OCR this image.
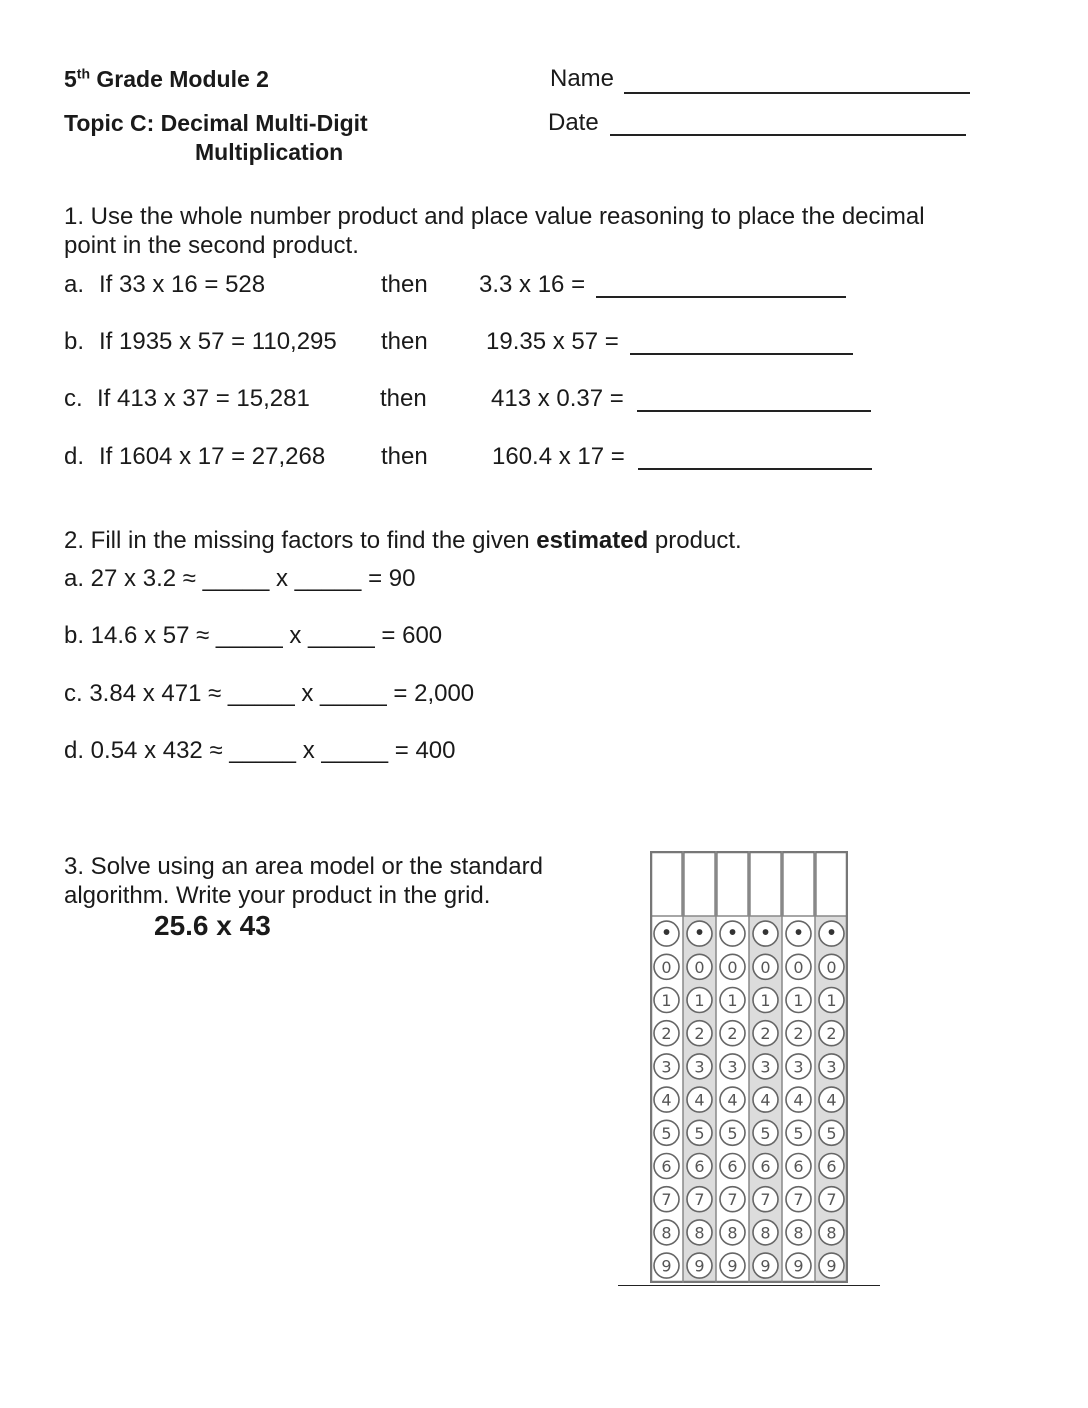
5th Grade Module 2	Name
Topic C: Decimal Multi-Digit
Multiplication
Date
1. Use the whole number product and place value reasoning to place the decimal
point in the second product.
a. If 33 x 16 = 528	then 3.3 x 16 =
b. If 1935 x 57 = 110,295 then 19.35 x 57 =
c. If 413 x 37 = 15,281	then	413 x 0.37 =
d. If 1604 x 17 = 27,268 then	160.4 x 17 =
2. Fill in the missing factors to find the given estimated product.
a. 27 x 3.2 ≈ _____ x _____ = 90
b. 14.6 x 57 ≈ _____ x _____ = 600
c. 3.84 x 471 ≈ _____ x _____ = 2,000
d. 0.54 x 432 ≈ _____ x _____ = 400
3. Solve using an area model or the standard
algorithm. Write your product in the grid.
25.6 x 43	• • • • • •
0 0 0 0 0 0
1 1 1 1 1 1
2 2 2 2 2 2
3 3 3 3 3 3
4 4 4 4 4 4
5 5 5 5 5 5
6 6 6 6 6 6
7 7 7 7 7 7
8 8 8 8 8 8
9 9 9 9 9 9
